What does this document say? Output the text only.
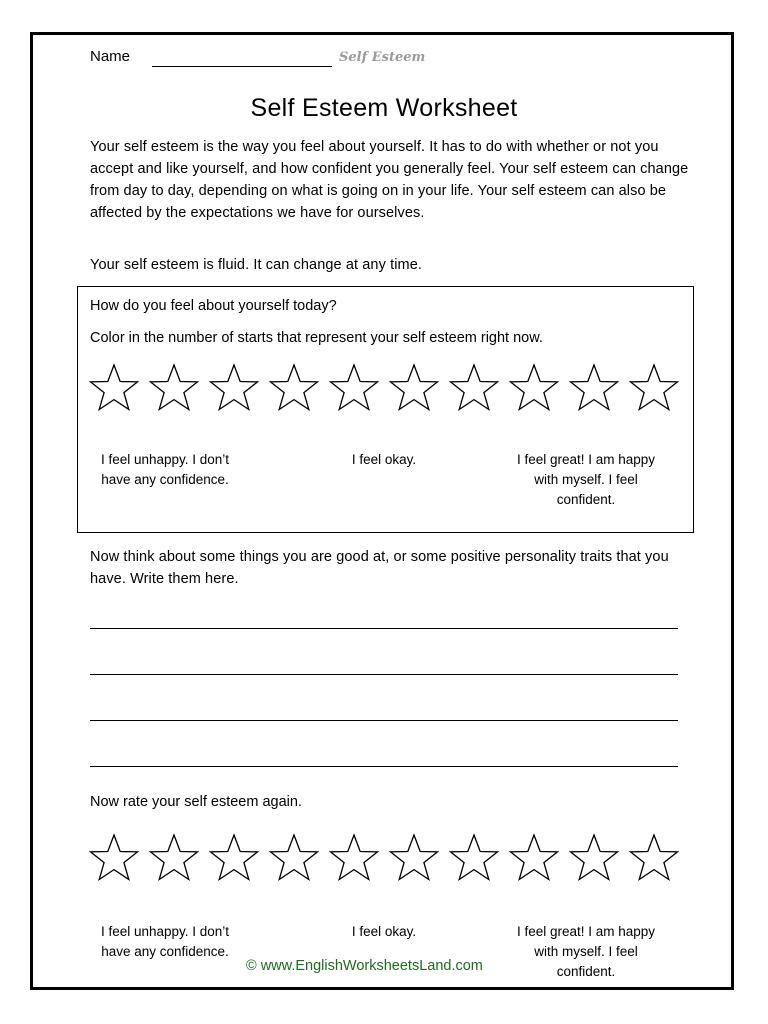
Name	Self Esteem
Self Esteem Worksheet
Your self esteem is the way you feel about yourself. It has to do with whether or not you accept and like yourself, and how confident you generally feel. Your self esteem can change from day to day, depending on what is going on in your life. Your self esteem can also be affected by the expectations we have for ourselves.
Your self esteem is fluid. It can change at any time.
How do you feel about yourself today?
Color in the number of starts that represent your self esteem right now.
I feel unhappy. I don’t have any confidence.
I feel okay.	I feel great! I am happy with myself. I feel confident.
Now think about some things you are good at, or some positive personality traits that you have. Write them here.
Now rate your self esteem again.
I feel unhappy. I don’t have any confidence.
I feel okay.	I feel great! I am happy with myself. I feel confident.
© www.EnglishWorksheetsLand.com
